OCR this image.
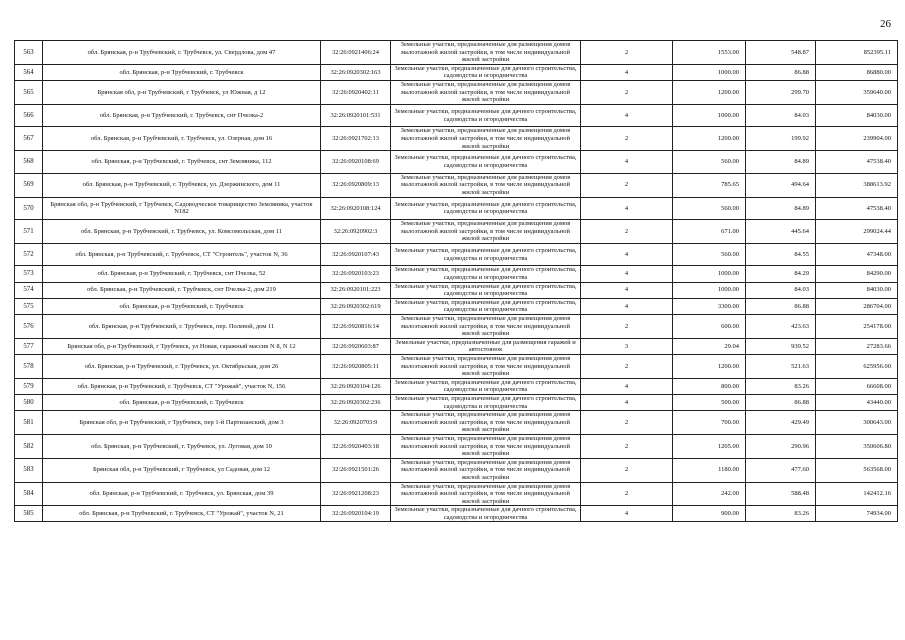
26
563	обл. Брянская, р-н Трубчевский, г. Трубчевск, ул. Свердлова, дом 47	32:26:0921406:24	Земельные участки, предназначенные для размещения домов малоэтажной жилой застройки, в том числе индивидуальной жилой застройки	2	1553.00	548.87	852395.11
564	обл. Брянская, р-н Трубчевский, г. Трубчевск	32:26:0920302:163	Земельные участки, предназначенные для дачного строительства, садоводства и огородничества	4	1000.00	86.88	86880.00
565	Брянская обл, р-н Трубчевский, г Трубчевск, ул Южная, д 12	32:26:0920402:11	Земельные участки, предназначенные для размещения домов малоэтажной жилой застройки, в том числе индивидуальной жилой застройки	2	1200.00	299.70	359640.00
566	обл. Брянская, р-н Трубчевский, г. Трубчевск, снт Пчелка-2	32:26:0920101:531	Земельные участки, предназначенные для дачного строительства, садоводства и огородничества	4	1000.00	84.03	84030.00
567	обл. Брянская, р-н Трубчевский, г. Трубчевск, ул. Озерная, дом 16	32:26:0921702:13	Земельные участки, предназначенные для размещения домов малоэтажной жилой застройки, в том числе индивидуальной жилой застройки	2	1200.00	199.92	239904.00
568	обл. Брянская, р-н Трубчевский, г. Трубчевск, снт Земляника, 112	32:26:0920108:69	Земельные участки, предназначенные для дачного строительства, садоводства и огородничества	4	560.00	84.89	47538.40
569	обл. Брянская, р-н Трубчевский, г. Трубчевск, ул. Дзержинского, дом 11	32:26:0920809:13	Земельные участки, предназначенные для размещения домов малоэтажной жилой застройки, в том числе индивидуальной жилой застройки	2	785.65	494.64	388613.92
570	Брянская обл, р-н Трубчевский, г Трубчевск, Садоводческое товарищество Земляника, участок N182	32:26:0920108:124	Земельные участки, предназначенные для дачного строительства, садоводства и огородничества	4	560.00	84.89	47538.40
571	обл. Брянская, р-н Трубчевский, г. Трубчевск, ул. Комсомольская, дом 11	32:26:0920902:3	Земельные участки, предназначенные для размещения домов малоэтажной жилой застройки, в том числе индивидуальной жилой застройки	2	671.00	445.64	299024.44
572	обл. Брянская, р-н Трубчевский, г. Трубчевск, СТ "Строитель", участок N, 36	32:26:0920107:43	Земельные участки, предназначенные для дачного строительства, садоводства и огородничества	4	560.00	84.55	47348.00
573	обл. Брянская, р-н Трубчевский, г. Трубчевск, снт Пчелка, 52	32:26:0920103:23	Земельные участки, предназначенные для дачного строительства, садоводства и огородничества	4	1000.00	84.29	84290.00
574	обл. Брянская, р-н Трубчевский, г. Трубчевск, снт Пчелка-2, дом 219	32:26:0920101:223	Земельные участки, предназначенные для дачного строительства, садоводства и огородничества	4	1000.00	84.03	84030.00
575	обл. Брянская, р-н Трубчевский, г. Трубчевск	32:26:0920302:619	Земельные участки, предназначенные для дачного строительства, садоводства и огородничества	4	3300.00	86.88	286704.00
576	обл. Брянская, р-н Трубчевский, г. Трубчевск, пер. Полевой, дом 11	32:26:0920816:14	Земельные участки, предназначенные для размещения домов малоэтажной жилой застройки, в том числе индивидуальной жилой застройки	2	600.00	423.63	254178.00
577	Брянская обл, р-н Трубчевский, г Трубчевск, ул Новая, гаражный массив N 8, N 12	32:26:0920603:87	Земельные участки, предназначенные для размещения гаражей и автостоянок	3	29.04	939.52	27283.66
578	обл. Брянская, р-н Трубчевский, г. Трубчевск, ул. Октябрьская, дом 26	32:26:0920805:11	Земельные участки, предназначенные для размещения домов малоэтажной жилой застройки, в том числе индивидуальной жилой застройки	2	1200.00	521.63	625956.00
579	обл. Брянская, р-н Трубчевский, г. Трубчевск, СТ "Урожай", участок N, 156	32:26:0920104:126	Земельные участки, предназначенные для дачного строительства, садоводства и огородничества	4	800.00	83.26	66608.00
580	обл. Брянская, р-н Трубчевский, г. Трубчевск	32:26:0920302:236	Земельные участки, предназначенные для дачного строительства, садоводства и огородничества	4	500.00	86.88	43440.00
581	Брянская обл, р-н Трубчевский, г Трубчевск, пер 1-й Партизанский, дом 3	32:26:0920703:9	Земельные участки, предназначенные для размещения домов малоэтажной жилой застройки, в том числе индивидуальной жилой застройки	2	700.00	429.49	300643.00
582	обл. Брянская, р-н Трубчевский, г. Трубчевск, ул. Луговая, дом 10	32:26:0920403:18	Земельные участки, предназначенные для размещения домов малоэтажной жилой застройки, в том числе индивидуальной жилой застройки	2	1205.00	290.96	350606.80
583	Брянская обл, р-н Трубчевский, г Трубчевск, ул Садовая, дом 12	32:26:0921501:26	Земельные участки, предназначенные для размещения домов малоэтажной жилой застройки, в том числе индивидуальной жилой застройки	2	1180.00	477.60	563568.00
584	обл. Брянская, р-н Трубчевский, г. Трубчевск, ул. Брянская, дом 39	32:26:0921208:23	Земельные участки, предназначенные для размещения домов малоэтажной жилой застройки, в том числе индивидуальной жилой застройки	2	242.00	588.48	142412.16
585	обл. Брянская, р-н Трубчевский, г. Трубчевск, СТ "Урожай", участок N, 21	32:26:0920104:19	Земельные участки, предназначенные для дачного строительства, садоводства и огородничества	4	900.00	83.26	74934.00
